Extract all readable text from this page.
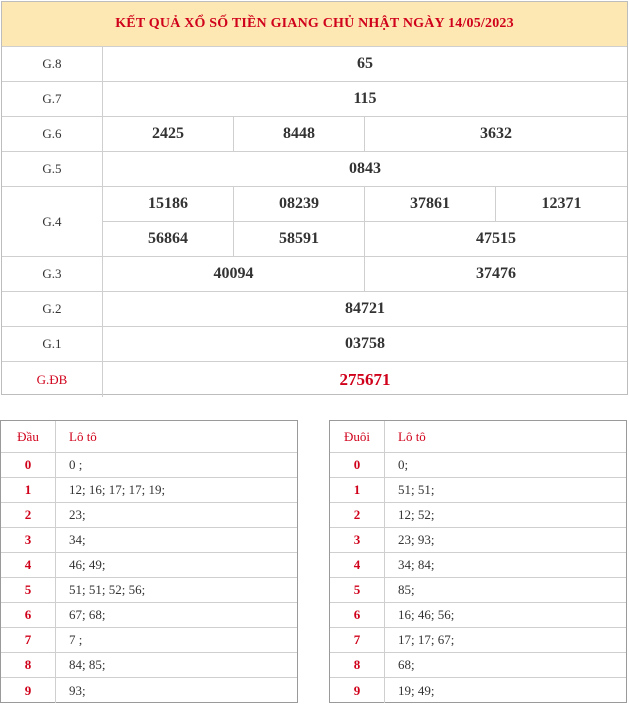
KẾT QUẢ XỔ SỐ TIỀN GIANG CHỦ NHẬT NGÀY 14/05/2023
G.8	65
G.7	115
G.6	2425	8448	3632
G.5	0843
G.4
15186	08239	37861	12371
56864	58591	47515
G.3	40094	37476
G.2	84721
G.1	03758
G.ĐB	275671
Đầu	Lô tô
0	0 ;
1	12; 16; 17; 17; 19;
2	23;
3	34;
4	46; 49;
5	51; 51; 52; 56;
6	67; 68;
7	7 ;
8	84; 85;
9	93;
Đuôi	Lô tô
0	0;
1	51; 51;
2	12; 52;
3	23; 93;
4	34; 84;
5	85;
6	16; 46; 56;
7	17; 17; 67;
8	68;
9	19; 49;
